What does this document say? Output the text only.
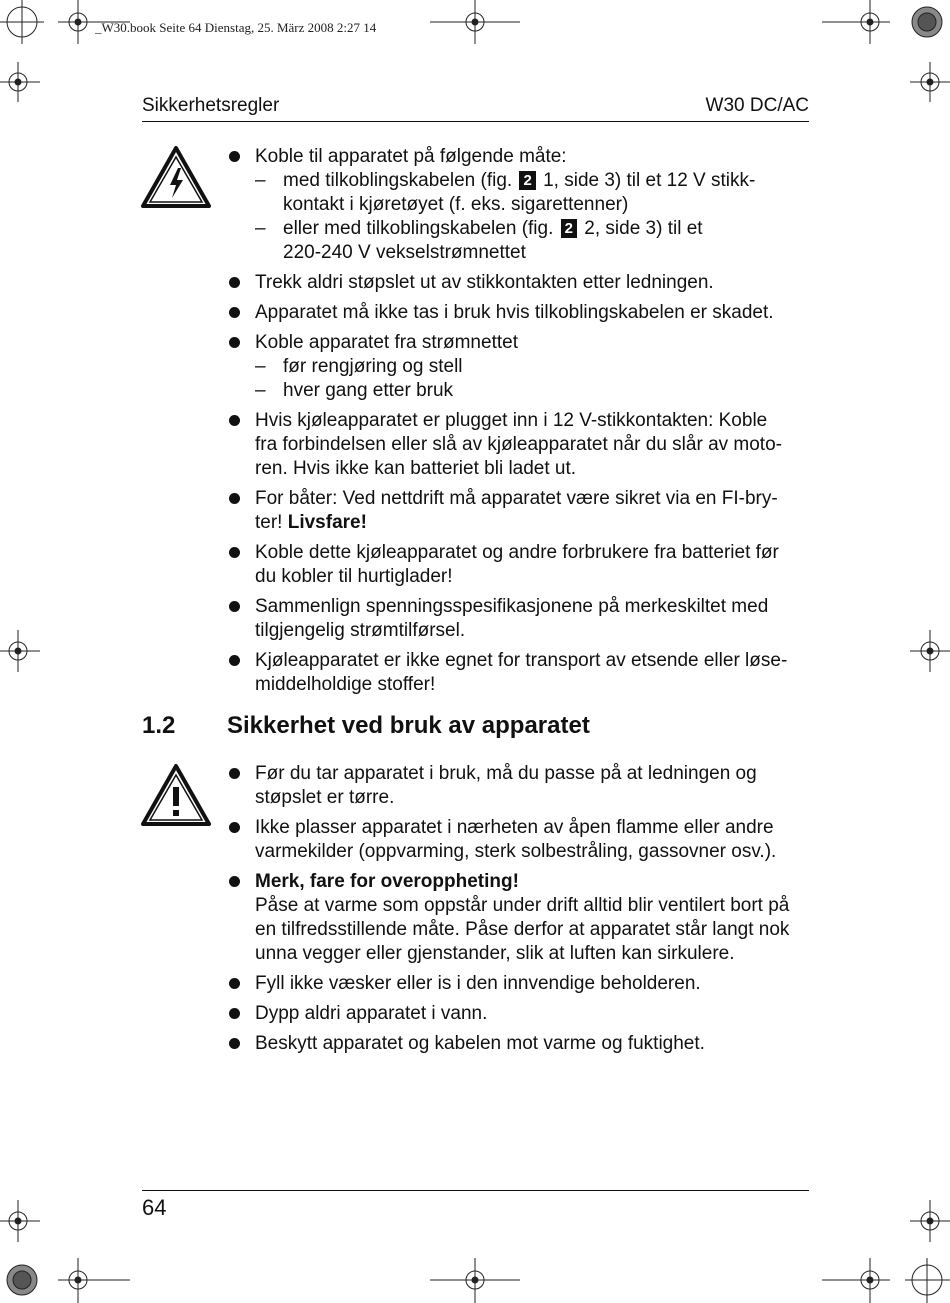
_W30.book Seite 64 Dienstag, 25. März 2008 2:27 14
Sikkerhetsregler	W30 DC/AC
Koble til apparatet på følgende måte:
– med tilkoblingskabelen (fig. 2 1, side 3) til et 12 V stikk-
kontakt i kjøretøyet (f. eks. sigarettenner)
– eller med tilkoblingskabelen (fig. 2 2, side 3) til et
220-240 V vekselstrømnettet
Trekk aldri støpslet ut av stikkontakten etter ledningen.
Apparatet må ikke tas i bruk hvis tilkoblingskabelen er skadet.
Koble apparatet fra strømnettet
– før rengjøring og stell
– hver gang etter bruk
Hvis kjøleapparatet er plugget inn i 12 V-stikkontakten: Koble
fra forbindelsen eller slå av kjøleapparatet når du slår av moto-
ren. Hvis ikke kan batteriet bli ladet ut.
For båter: Ved nettdrift må apparatet være sikret via en FI-bry-
ter! Livsfare!
Koble dette kjøleapparatet og andre forbrukere fra batteriet før
du kobler til hurtiglader!
Sammenlign spenningsspesifikasjonene på merkeskiltet med
tilgjengelig strømtilførsel.
Kjøleapparatet er ikke egnet for transport av etsende eller løse-
middelholdige stoffer!
1.2 Sikkerhet ved bruk av apparatet
Før du tar apparatet i bruk, må du passe på at ledningen og
støpslet er tørre.
Ikke plasser apparatet i nærheten av åpen flamme eller andre
varmekilder (oppvarming, sterk solbestråling, gassovner osv.).
Merk, fare for overoppheting!
Påse at varme som oppstår under drift alltid blir ventilert bort på
en tilfredsstillende måte. Påse derfor at apparatet står langt nok
unna vegger eller gjenstander, slik at luften kan sirkulere.
Fyll ikke væsker eller is i den innvendige beholderen.
Dypp aldri apparatet i vann.
Beskytt apparatet og kabelen mot varme og fuktighet.
64
